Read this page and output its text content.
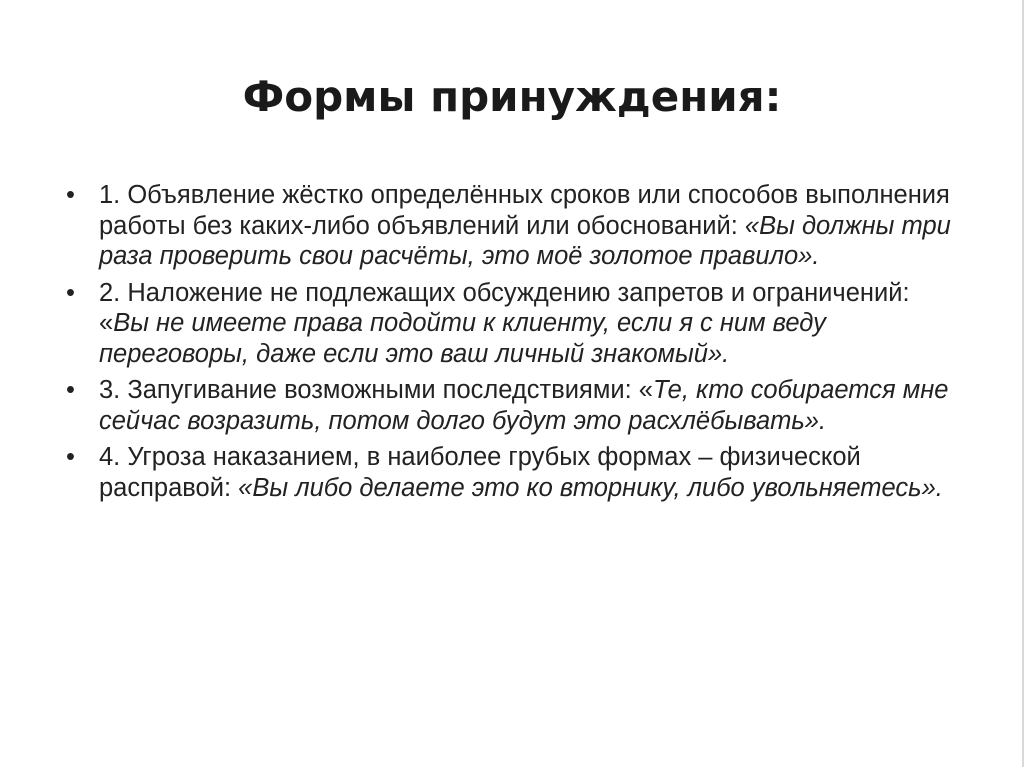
Формы принуждения:
• 1. Объявление жёстко определённых сроков или способов выполнения работы без каких-либо объявлений или обоснований: «Вы должны три раза проверить свои расчёты, это моё золотое правило».
• 2. Наложение не подлежащих обсуждению запретов и ограничений: «Вы не имеете права подойти к клиенту, если я с ним веду переговоры, даже если это ваш личный знакомый».
• 3. Запугивание возможными последствиями: «Те, кто собирается мне сейчас возразить, потом долго будут это расхлёбывать».
• 4. Угроза наказанием, в наиболее грубых формах – физической расправой: «Вы либо делаете это ко вторнику, либо увольняетесь».
